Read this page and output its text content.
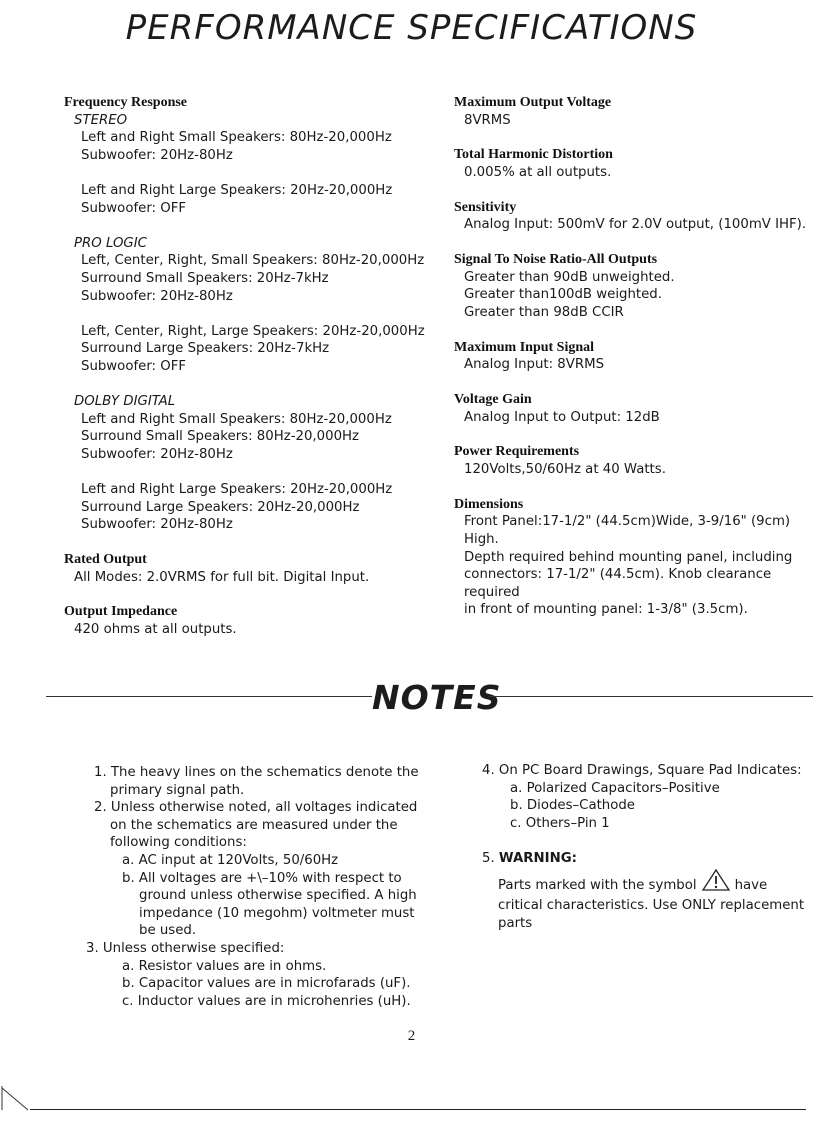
PERFORMANCE SPECIFICATIONS
Frequency Response
STEREO
Left and Right Small Speakers: 80Hz-20,000Hz
Subwoofer: 20Hz-80Hz
Left and Right Large Speakers: 20Hz-20,000Hz
Subwoofer: OFF
PRO LOGIC
Left, Center, Right, Small Speakers: 80Hz-20,000Hz
Surround Small Speakers: 20Hz-7kHz
Subwoofer: 20Hz-80Hz
Left, Center, Right, Large Speakers: 20Hz-20,000Hz
Surround Large Speakers: 20Hz-7kHz
Subwoofer: OFF
DOLBY DIGITAL
Left and Right Small Speakers: 80Hz-20,000Hz
Surround Small Speakers: 80Hz-20,000Hz
Subwoofer: 20Hz-80Hz
Left and Right Large Speakers: 20Hz-20,000Hz
Surround Large Speakers: 20Hz-20,000Hz
Subwoofer: 20Hz-80Hz
Rated Output
All Modes: 2.0VRMS for full bit. Digital Input.
Output Impedance
420 ohms at all outputs.
Maximum Output Voltage
8VRMS
Total Harmonic Distortion
0.005% at all outputs.
Sensitivity
Analog Input: 500mV for 2.0V output, (100mV IHF).
Signal To Noise Ratio-All Outputs
Greater than 90dB unweighted.
Greater than100dB weighted.
Greater than 98dB CCIR
Maximum Input Signal
Analog Input: 8VRMS
Voltage Gain
Analog Input to Output: 12dB
Power Requirements
120Volts,50/60Hz at 40 Watts.
Dimensions
Front Panel:17-1/2" (44.5cm)Wide, 3-9/16" (9cm) High.
Depth required behind mounting panel, including
connectors: 17-1/2" (44.5cm). Knob clearance required
in front of mounting panel: 1-3/8" (3.5cm).
NOTES
1. The heavy lines on the schematics denote the
primary signal path.
2. Unless otherwise noted, all voltages indicated
on the schematics are measured under the
following conditions:
a. AC input at 120Volts, 50/60Hz
b. All voltages are +\–10% with respect to
ground unless otherwise specified. A high
impedance (10 megohm) voltmeter must
be used.
3. Unless otherwise specified:
a. Resistor values are in ohms.
b. Capacitor values are in microfarads (uF).
c. Inductor values are in microhenries (uH).
4. On PC Board Drawings, Square Pad Indicates:
a. Polarized Capacitors–Positive
b. Diodes–Cathode
c. Others–Pin 1
5. WARNING:
Parts marked with the symbol	have
critical characteristics. Use ONLY replacement
parts
2
